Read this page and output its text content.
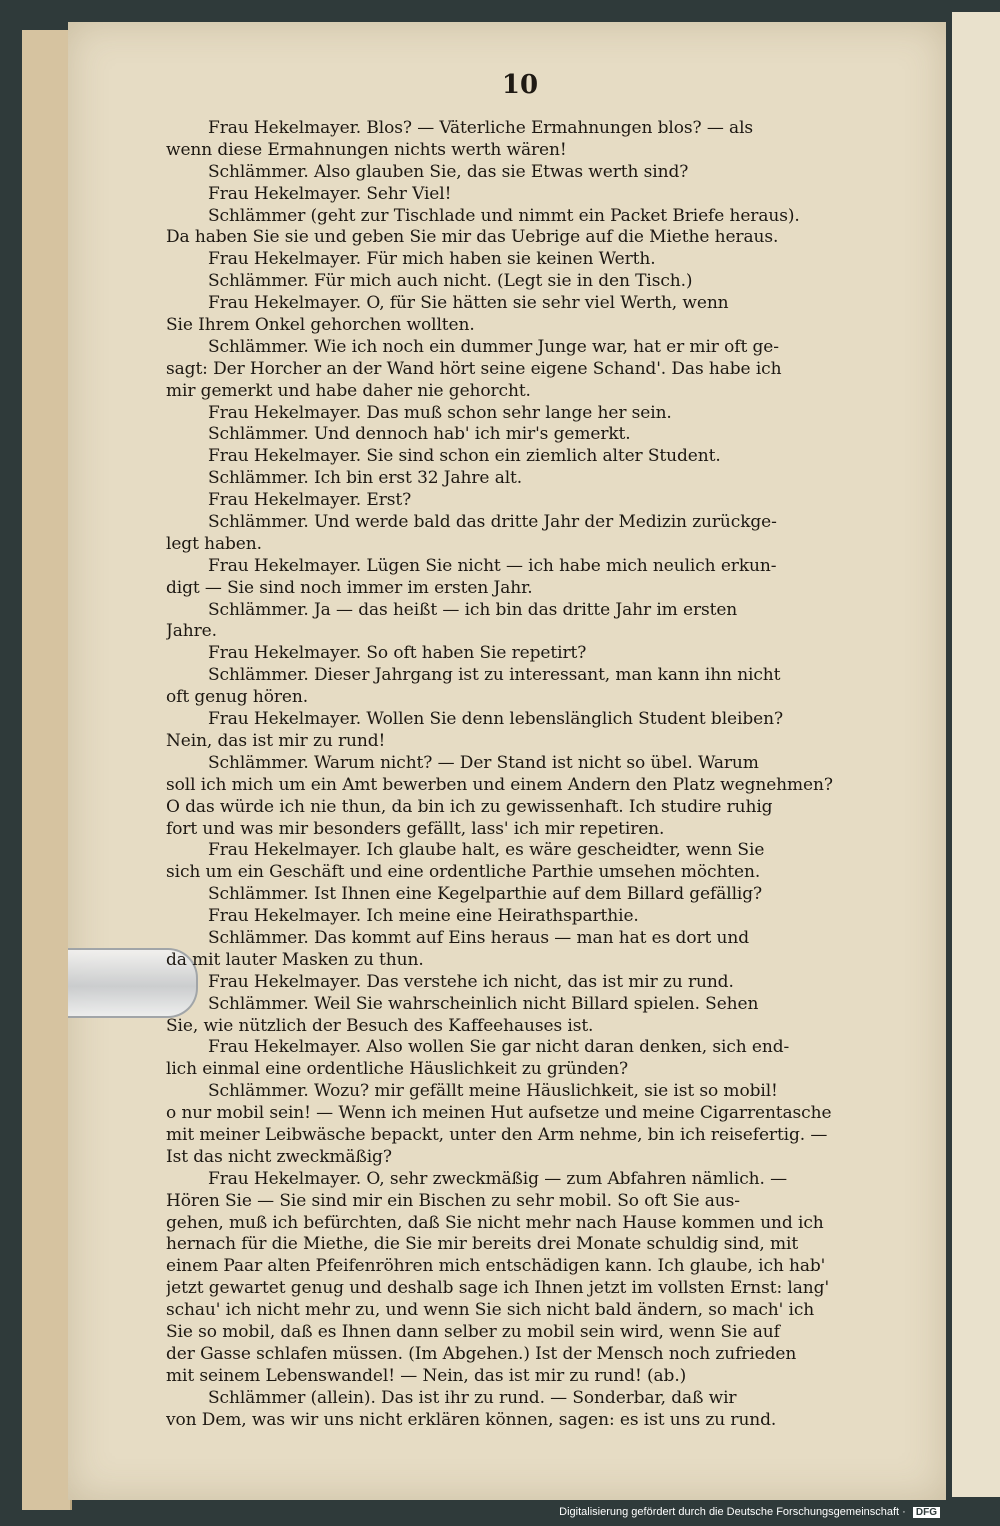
10
Frau Hekelmayer. Blos? — Väterliche Ermahnungen blos? — als
wenn diese Ermahnungen nichts werth wären!
Schlämmer. Also glauben Sie, das sie Etwas werth sind?
Frau Hekelmayer. Sehr Viel!
Schlämmer (geht zur Tischlade und nimmt ein Packet Briefe heraus).
Da haben Sie sie und geben Sie mir das Uebrige auf die Miethe heraus.
Frau Hekelmayer. Für mich haben sie keinen Werth.
Schlämmer. Für mich auch nicht. (Legt sie in den Tisch.)
Frau Hekelmayer. O, für Sie hätten sie sehr viel Werth, wenn
Sie Ihrem Onkel gehorchen wollten.
Schlämmer. Wie ich noch ein dummer Junge war, hat er mir oft ge-
sagt: Der Horcher an der Wand hört seine eigene Schand'. Das habe ich
mir gemerkt und habe daher nie gehorcht.
Frau Hekelmayer. Das muß schon sehr lange her sein.
Schlämmer. Und dennoch hab' ich mir's gemerkt.
Frau Hekelmayer. Sie sind schon ein ziemlich alter Student.
Schlämmer. Ich bin erst 32 Jahre alt.
Frau Hekelmayer. Erst?
Schlämmer. Und werde bald das dritte Jahr der Medizin zurückge-
legt haben.
Frau Hekelmayer. Lügen Sie nicht — ich habe mich neulich erkun-
digt — Sie sind noch immer im ersten Jahr.
Schlämmer. Ja — das heißt — ich bin das dritte Jahr im ersten
Jahre.
Frau Hekelmayer. So oft haben Sie repetirt?
Schlämmer. Dieser Jahrgang ist zu interessant, man kann ihn nicht
oft genug hören.
Frau Hekelmayer. Wollen Sie denn lebenslänglich Student bleiben?
Nein, das ist mir zu rund!
Schlämmer. Warum nicht? — Der Stand ist nicht so übel. Warum
soll ich mich um ein Amt bewerben und einem Andern den Platz wegnehmen?
O das würde ich nie thun, da bin ich zu gewissenhaft. Ich studire ruhig
fort und was mir besonders gefällt, lass' ich mir repetiren.
Frau Hekelmayer. Ich glaube halt, es wäre gescheidter, wenn Sie
sich um ein Geschäft und eine ordentliche Parthie umsehen möchten.
Schlämmer. Ist Ihnen eine Kegelparthie auf dem Billard gefällig?
Frau Hekelmayer. Ich meine eine Heirathsparthie.
Schlämmer. Das kommt auf Eins heraus — man hat es dort und
da mit lauter Masken zu thun.
Frau Hekelmayer. Das verstehe ich nicht, das ist mir zu rund.
Schlämmer. Weil Sie wahrscheinlich nicht Billard spielen. Sehen
Sie, wie nützlich der Besuch des Kaffeehauses ist.
Frau Hekelmayer. Also wollen Sie gar nicht daran denken, sich end-
lich einmal eine ordentliche Häuslichkeit zu gründen?
Schlämmer. Wozu? mir gefällt meine Häuslichkeit, sie ist so mobil!
o nur mobil sein! — Wenn ich meinen Hut aufsetze und meine Cigarrentasche
mit meiner Leibwäsche bepackt, unter den Arm nehme, bin ich reisefertig. —
Ist das nicht zweckmäßig?
Frau Hekelmayer. O, sehr zweckmäßig — zum Abfahren nämlich. —
Hören Sie — Sie sind mir ein Bischen zu sehr mobil. So oft Sie aus-
gehen, muß ich befürchten, daß Sie nicht mehr nach Hause kommen und ich
hernach für die Miethe, die Sie mir bereits drei Monate schuldig sind, mit
einem Paar alten Pfeifenröhren mich entschädigen kann. Ich glaube, ich hab'
jetzt gewartet genug und deshalb sage ich Ihnen jetzt im vollsten Ernst: lang'
schau' ich nicht mehr zu, und wenn Sie sich nicht bald ändern, so mach' ich
Sie so mobil, daß es Ihnen dann selber zu mobil sein wird, wenn Sie auf
der Gasse schlafen müssen. (Im Abgehen.) Ist der Mensch noch zufrieden
mit seinem Lebenswandel! — Nein, das ist mir zu rund! (ab.)
Schlämmer (allein). Das ist ihr zu rund. — Sonderbar, daß wir
von Dem, was wir uns nicht erklären können, sagen: es ist uns zu rund.
Digitalisierung gefördert durch die Deutsche Forschungsgemeinschaft · DFG
